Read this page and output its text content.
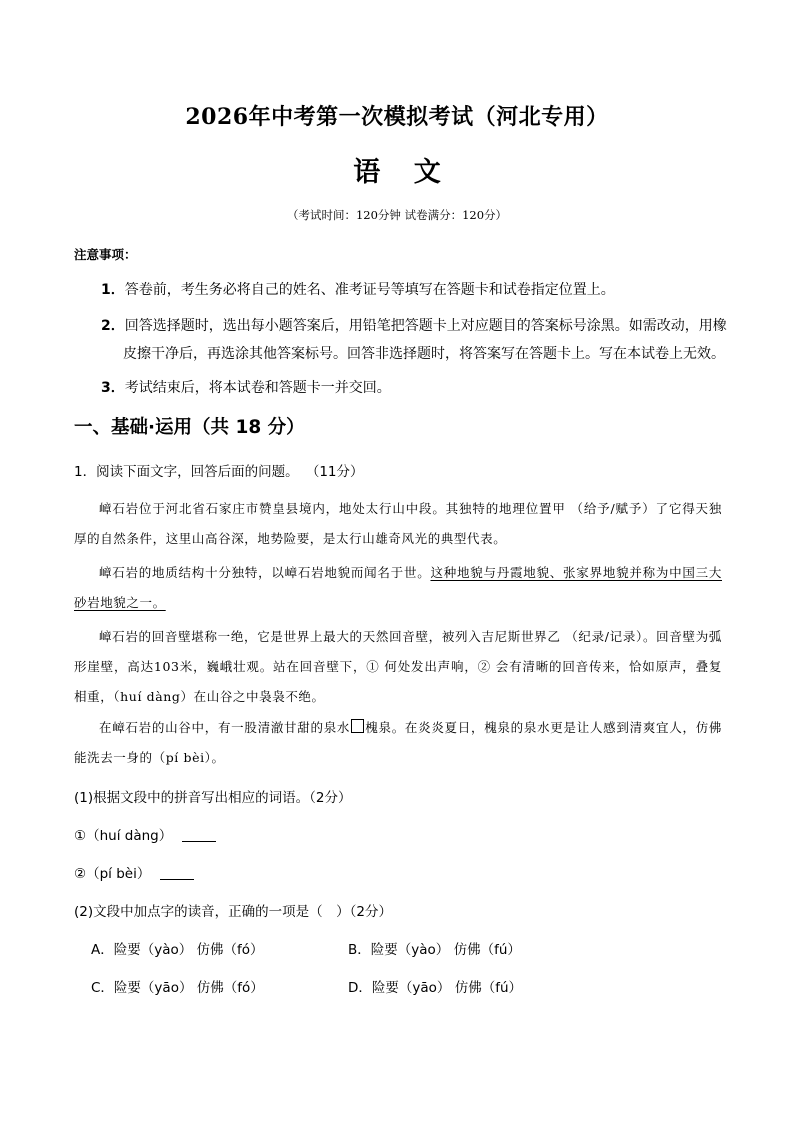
2026年中考第一次模拟考试（河北专用）
语 文
（考试时间：120分钟 试卷满分：120分）
注意事项：
1．答卷前，考生务必将自己的姓名、准考证号等填写在答题卡和试卷指定位置上。
2．回答选择题时，选出每小题答案后，用铅笔把答题卡上对应题目的答案标号涂黑。如需改动，用橡
皮擦干净后，再选涂其他答案标号。回答非选择题时，将答案写在答题卡上。写在本试卷上无效。
3．考试结束后，将本试卷和答题卡一并交回。
一、基础·运用（共 18 分）
1．阅读下面文字，回答后面的问题。 （11分）
嶂石岩位于河北省石家庄市赞皇县境内，地处太行山中段。其独特的地理位置甲 （给予/赋予）了它得天独厚的自然条件，这里山高谷深，地势险要，是太行山雄奇风光的典型代表。
嶂石岩的地质结构十分独特，以嶂石岩地貌而闻名于世。这种地貌与丹霞地貌、张家界地貌并称为中国三大砂岩地貌之一。
嶂石岩的回音壁堪称一绝，它是世界上最大的天然回音壁，被列入吉尼斯世界乙 （纪录/记录）。回音壁为弧形崖壁，高达103米，巍峨壮观。站在回音壁下，① 何处发出声响，② 会有清晰的回音传来，恰如原声，叠复相重，（huí dàng）在山谷之中袅袅不绝。
在嶂石岩的山谷中，有一股清澈甘甜的泉水 槐泉。在炎炎夏日，槐泉的泉水更是让人感到清爽宜人，仿佛能洗去一身的（pí bèi）。
(1)根据文段中的拼音写出相应的词语。（2分）
①（huí dàng）
②（pí bèi）
(2)文段中加点字的读音，正确的一项是（　）（2分）
A．险要（yào） 仿佛（fó）	B．险要（yào） 仿佛（fú）
C．险要（yāo） 仿佛（fó）	D．险要（yāo） 仿佛（fú）
